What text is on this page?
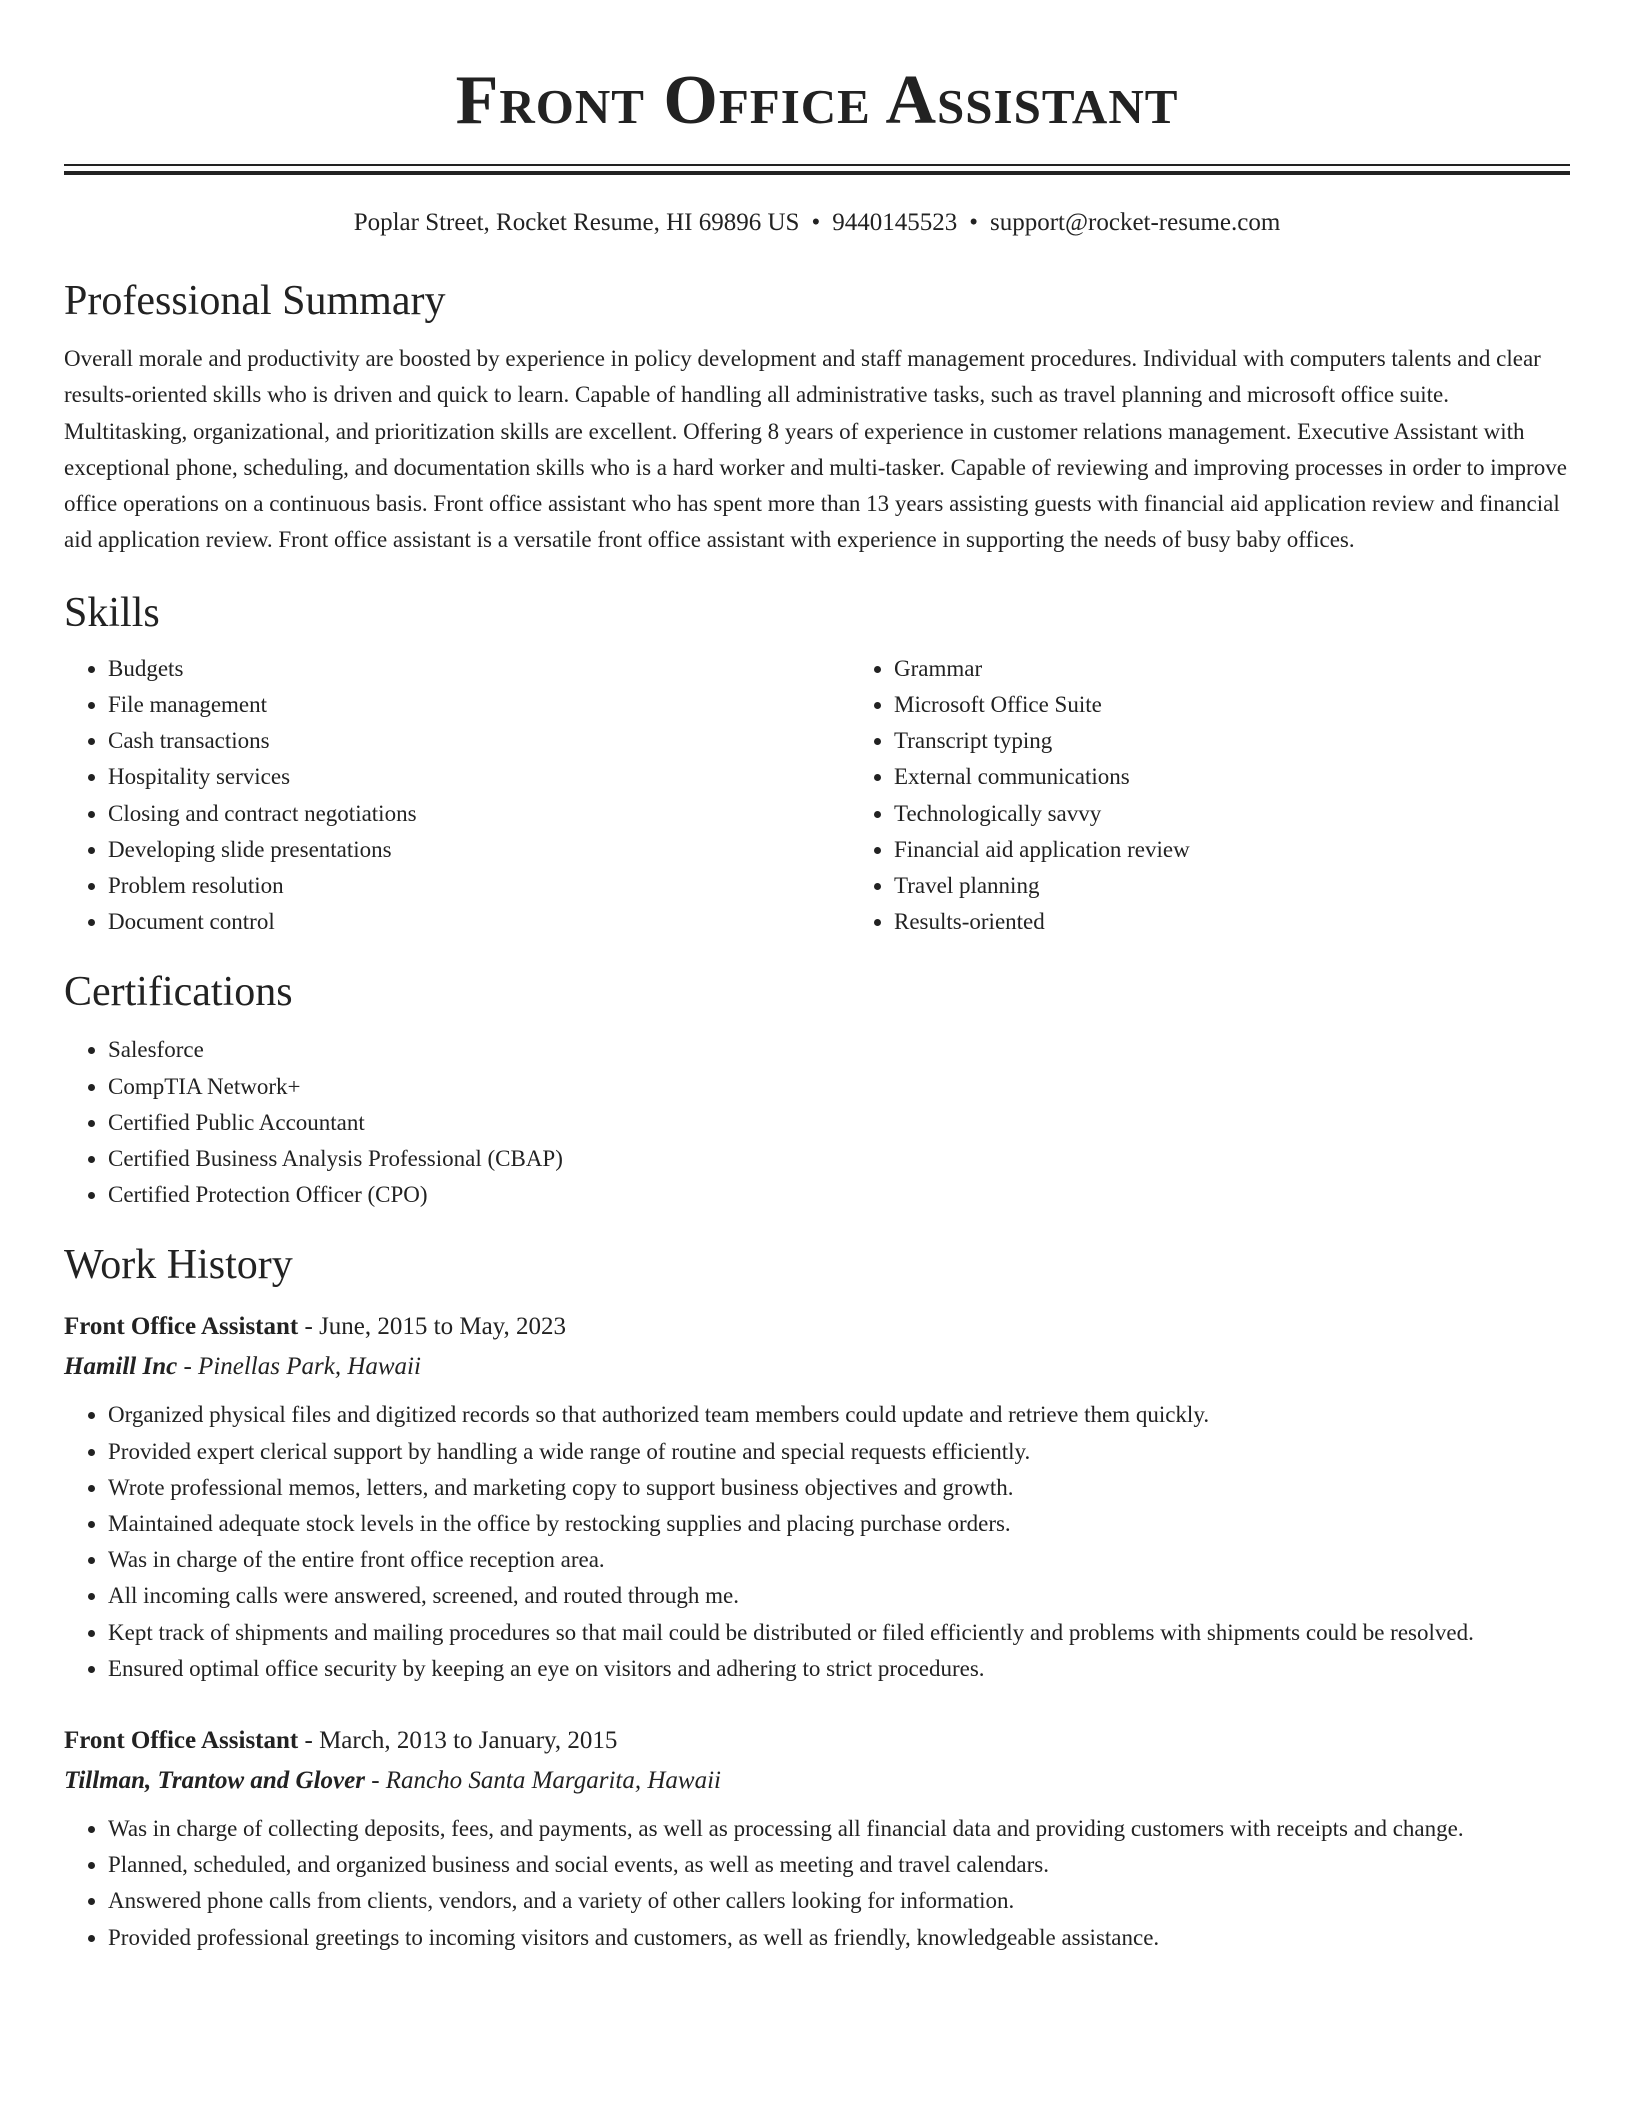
Front Office Assistant
Poplar Street, Rocket Resume, HI 69896 US • 9440145523 • support@rocket-resume.com
Professional Summary

Overall morale and productivity are boosted by experience in policy development and staff management procedures. Individual with computers talents and clear results-oriented skills who is driven and quick to learn. Capable of handling all administrative tasks, such as travel planning and microsoft office suite. Multitasking, organizational, and prioritization skills are excellent. Offering 8 years of experience in customer relations management. Executive Assistant with exceptional phone, scheduling, and documentation skills who is a hard worker and multi-tasker. Capable of reviewing and improving processes in order to improve office operations on a continuous basis. Front office assistant who has spent more than 13 years assisting guests with financial aid application review and financial aid application review. Front office assistant is a versatile front office assistant with experience in supporting the needs of busy baby offices.

Skills
• Budgets
• File management
• Cash transactions
• Hospitality services
• Closing and contract negotiations
• Developing slide presentations
• Problem resolution
• Document control
• Grammar
• Microsoft Office Suite
• Transcript typing
• External communications
• Technologically savvy
• Financial aid application review
• Travel planning
• Results-oriented
Certifications
• Salesforce
• CompTIA Network+
• Certified Public Accountant
• Certified Business Analysis Professional (CBAP)
• Certified Protection Officer (CPO)
Work History
Front Office Assistant - June, 2015 to May, 2023
Hamill Inc - Pinellas Park, Hawaii
• Organized physical files and digitized records so that authorized team members could update and retrieve them quickly.
• Provided expert clerical support by handling a wide range of routine and special requests efficiently.
• Wrote professional memos, letters, and marketing copy to support business objectives and growth.
• Maintained adequate stock levels in the office by restocking supplies and placing purchase orders.
• Was in charge of the entire front office reception area.
• All incoming calls were answered, screened, and routed through me.
• Kept track of shipments and mailing procedures so that mail could be distributed or filed efficiently and problems with shipments could be resolved.
• Ensured optimal office security by keeping an eye on visitors and adhering to strict procedures.
Front Office Assistant - March, 2013 to January, 2015
Tillman, Trantow and Glover - Rancho Santa Margarita, Hawaii
• Was in charge of collecting deposits, fees, and payments, as well as processing all financial data and providing customers with receipts and change.
• Planned, scheduled, and organized business and social events, as well as meeting and travel calendars.
• Answered phone calls from clients, vendors, and a variety of other callers looking for information.
• Provided professional greetings to incoming visitors and customers, as well as friendly, knowledgeable assistance.
